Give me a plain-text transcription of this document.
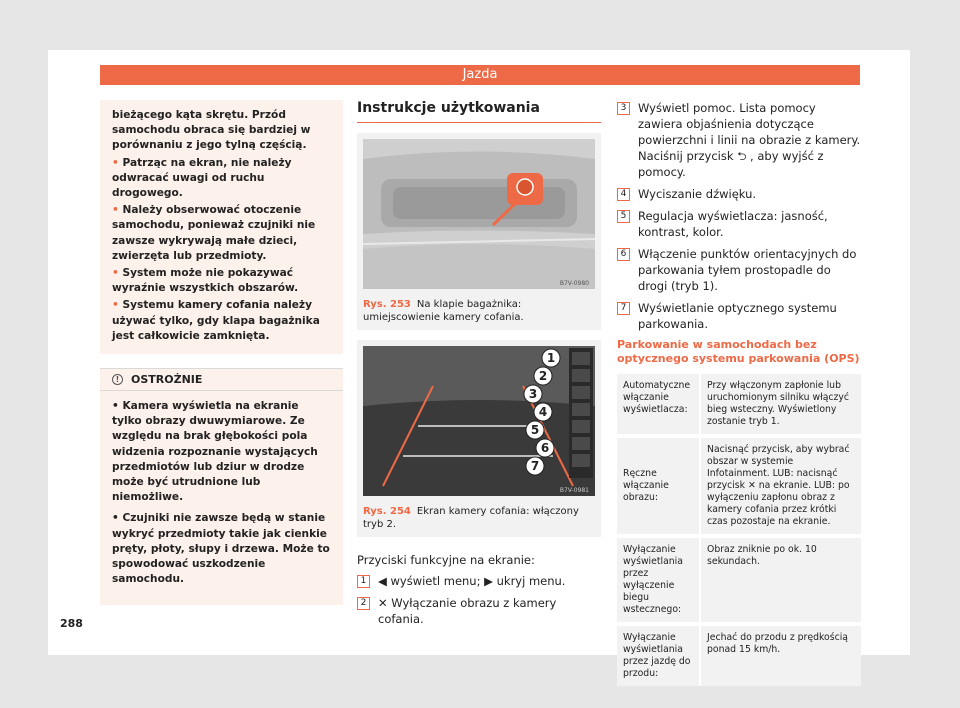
Jazda

bieżącego kąta skrętu. Przód samochodu obraca się bardziej w porównaniu z jego tylną częścią.

• Patrząc na ekran, nie należy odwracać uwagi od ruchu drogowego.
• Należy obserwować otoczenie samochodu, ponieważ czujniki nie zawsze wykrywają małe dzieci, zwierzęta lub przedmioty.
• System może nie pokazywać wyraźnie wszystkich obszarów.
• Systemu kamery cofania należy używać tylko, gdy klapa bagażnika jest całkowicie zamknięta.
!	OSTROŻNIE
• Kamera wyświetla na ekranie tylko obrazy dwuwymiarowe. Ze względu na brak głębokości pola widzenia rozpoznanie wystających przedmiotów lub dziur w drodze może być utrudnione lub niemożliwe.
• Czujniki nie zawsze będą w stanie wykryć przedmioty takie jak cienkie pręty, płoty, słupy i drzewa. Może to spowodować uszkodzenie samochodu.
Instrukcje użytkowania
B7V-0980
Rys. 253 Na klapie bagażnika: umiejscowienie kamery cofania.
1
2
3
4
5
6
7
B7V-0981
Rys. 254 Ekran kamery cofania: włączony tryb 2.
Przyciski funkcyjne na ekranie:
1	◀ wyświetl menu; ▶ ukryj menu.
2	✕ Wyłączanie obrazu z kamery cofania.
3	Wyświetl pomoc. Lista pomocy zawiera objaśnienia dotyczące powierzchni i linii na obrazie z kamery. Naciśnij przycisk ⮌ , aby wyjść z pomocy.
4	Wyciszanie dźwięku.
5	Regulacja wyświetlacza: jasność, kontrast, kolor.
6	Włączenie punktów orientacyjnych do parkowania tyłem prostopadle do drogi (tryb 1).
7	Wyświetlanie optycznego systemu parkowania.
Parkowanie w samochodach bez optycznego systemu parkowania (OPS)
Automatyczne włączanie wyświetlacza:	Przy włączonym zapłonie lub uruchomionym silniku włączyć bieg wsteczny. Wyświetlony zostanie tryb 1.
Ręczne włączanie obrazu:	Nacisnąć przycisk, aby wybrać obszar w systemie Infotainment. LUB: nacisnąć przycisk ✕ na ekranie. LUB: po wyłączeniu zapłonu obraz z kamery cofania przez krótki czas pozostaje na ekranie.
Wyłączanie wyświetlania przez wyłączenie biegu wstecznego:	Obraz zniknie po ok. 10 sekundach.
Wyłączanie wyświetlania przez jazdę do przodu:	Jechać do przodu z prędkością ponad 15 km/h.
288
